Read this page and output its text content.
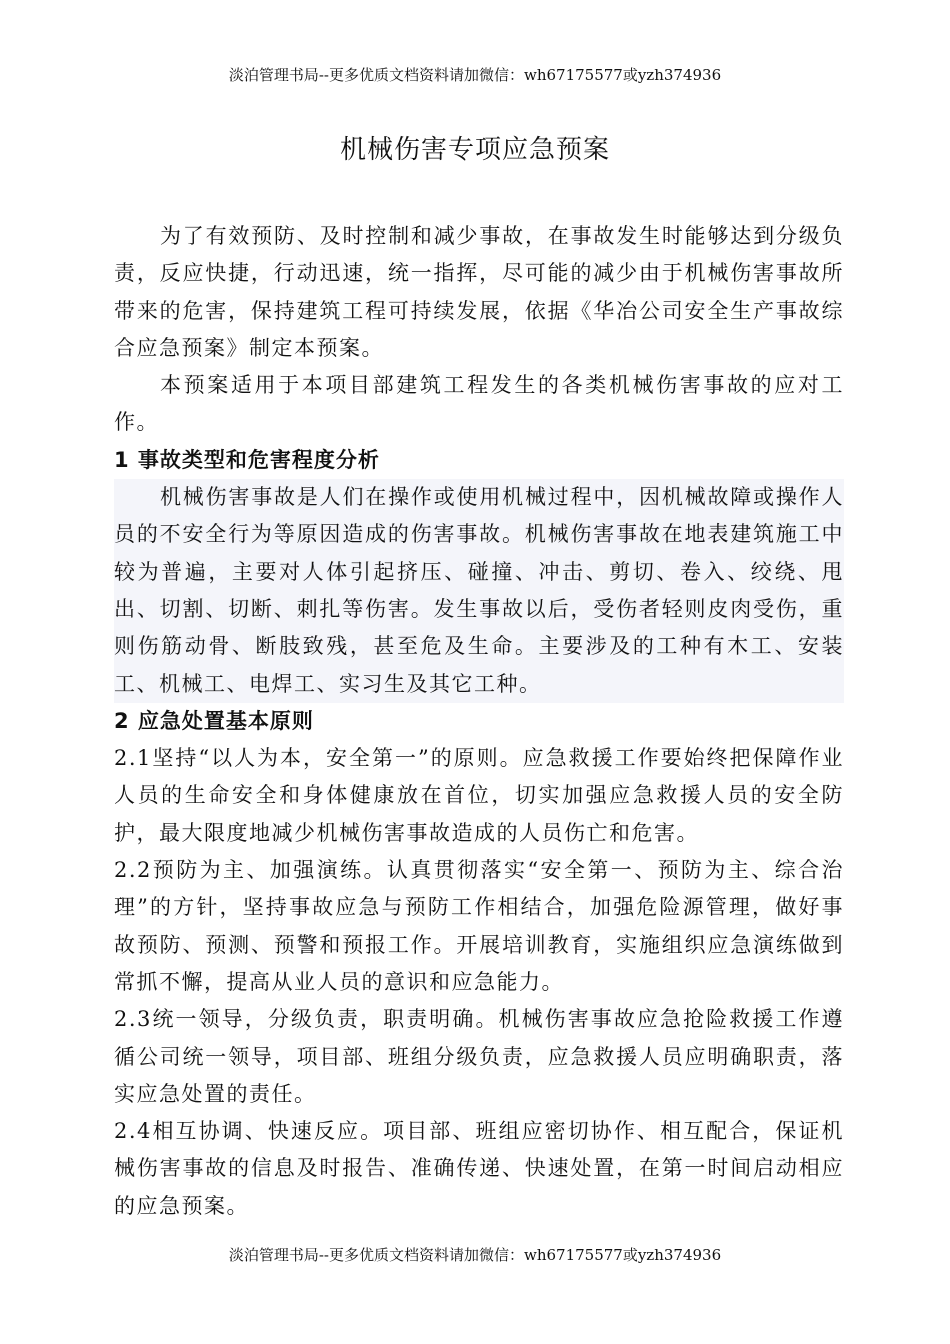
淡泊管理书局--更多优质文档资料请加微信：wh67175577或yzh374936
机械伤害专项应急预案

为了有效预防、及时控制和减少事故，在事故发生时能够达到分级负责，反应快捷，行动迅速，统一指挥，尽可能的减少由于机械伤害事故所带来的危害，保持建筑工程可持续发展，依据《华冶公司安全生产事故综合应急预案》制定本预案。

本预案适用于本项目部建筑工程发生的各类机械伤害事故的应对工作。

1 事故类型和危害程度分析

机械伤害事故是人们在操作或使用机械过程中，因机械故障或操作人员的不安全行为等原因造成的伤害事故。机械伤害事故在地表建筑施工中较为普遍，主要对人体引起挤压、碰撞、冲击、剪切、卷入、绞绕、甩出、切割、切断、刺扎等伤害。发生事故以后，受伤者轻则皮肉受伤，重则伤筋动骨、断肢致残，甚至危及生命。主要涉及的工种有木工、安装工、机械工、电焊工、实习生及其它工种。

2 应急处置基本原则

2.1坚持“以人为本，安全第一”的原则。应急救援工作要始终把保障作业人员的生命安全和身体健康放在首位，切实加强应急救援人员的安全防护，最大限度地减少机械伤害事故造成的人员伤亡和危害。

2.2预防为主、加强演练。认真贯彻落实“安全第一、预防为主、综合治理”的方针，坚持事故应急与预防工作相结合，加强危险源管理，做好事故预防、预测、预警和预报工作。开展培训教育，实施组织应急演练做到常抓不懈，提高从业人员的意识和应急能力。

2.3统一领导，分级负责，职责明确。机械伤害事故应急抢险救援工作遵循公司统一领导，项目部、班组分级负责，应急救援人员应明确职责，落实应急处置的责任。

2.4相互协调、快速反应。项目部、班组应密切协作、相互配合，保证机械伤害事故的信息及时报告、准确传递、快速处置，在第一时间启动相应的应急预案。

淡泊管理书局--更多优质文档资料请加微信：wh67175577或yzh374936
